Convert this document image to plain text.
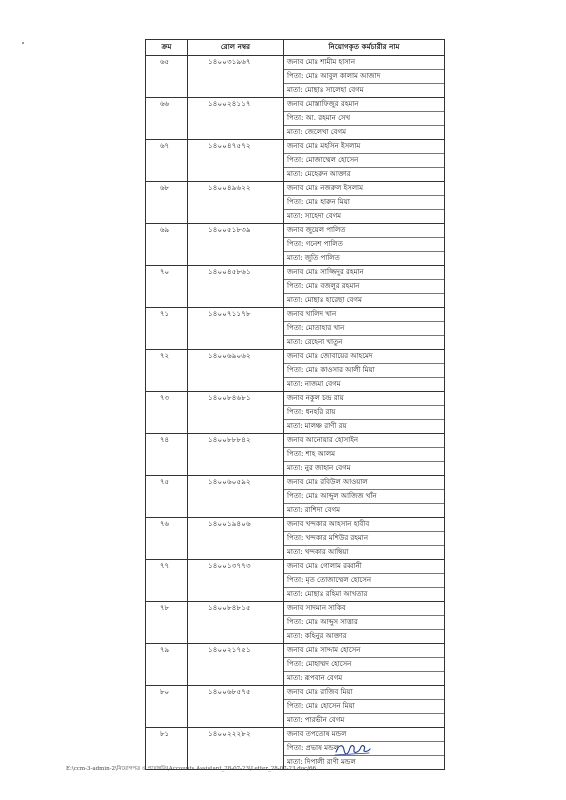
ক্রম	রোল নম্বর	নিয়োগকৃত কর্মচারীর নাম
৬৫	১৪০০৩১৯৬৭	জনাব মোঃ শামীম হাসান
পিতা: মোঃ আবুল কালাম আজাদ
মাতা: মোছাঃ সালেহা বেগম

৬৬	১৪০০২৪১১৭	জনাব মোস্তাফিজুর রহমান
পিতা: আ. রহমান সেখ
মাতা: জেলেখা বেগম

৬৭	১৪০০৪৭৫৭২	জনাব মোঃ মহসিন ইসলাম
পিতা: মোজাম্মেল হোসেন
মাতা: মেহেরুন আক্তার

৬৮	১৪০০৪৯৬২২	জনাব মোঃ নজরুল ইসলাম
পিতা: মোঃ হারুন মিয়া
মাতা: সাহেদা বেগম

৬৯	১৪০০৫১৮৩৯	জনাব জুয়েল পালিত
পিতা: গনেশ পালিত
মাতা: জুতি পালিত

৭০	১৪০০৪৫৮৬১	জনাব মোঃ সাজ্জিদুর রহমান
পিতা: মোঃ বজলুর রহমান
মাতা: মোছাঃ হারেছা বেগম

৭১	১৪০০৭১১৭৮	জনাব খালিদ খান
পিতা: মোতাহার খান
মাতা: রেহেনা খাতুন

৭২	১৪০০৬৯০৬২	জনাব মোঃ জোবায়ের আহমেদ
পিতা: মোঃ কাওসার আলী মিয়া
মাতা: নাজমা বেগম

৭৩	১৪০০৮৪৬৮১	জনাব নকুল চন্দ্র রায়
পিতা: ধনহরি রায়
মাতা: মালঞ্চ রাণী রয়

৭৪	১৪০০৮৮৮৪২	জনাব আনোয়ার হোসাইন
পিতা: শাহ আলম
মাতা: নুর জাহান বেগম

৭৫	১৪০০৬০৫৯২	জনাব মোঃ রবিউল আওয়াল
পিতা: মোঃ আব্দুল আজিজ খাঁন
মাতা: রাশিদা বেগম

৭৬	১৪০০১৯৪০৬	জনাব খন্দকার আহসান হাবীব
পিতা: খন্দকার মশিউর রহমান
মাতা: খন্দকার আম্বিয়া

৭৭	১৪০০১৩৭৭৩	জনাব মোঃ গোলাম রব্বানী
পিতা: মৃত তোজাম্মেল হোসেন
মাতা: মোছাঃ রহিমা আখতার

৭৮	১৪০০৮৪৮১৫	জনাব সাদমান সাকিব
পিতা: মোঃ আব্দুস সাত্তার
মাতা: কহিনুর আক্তার

৭৯	১৪০০২১৭৫১	জনাব মোঃ সাদ্দাম হোসেন
পিতা: মোহাম্মদ হোসেন
মাতা: রূপবান বেগম

৮০	১৪০০৬৮৫৭৫	জনাব মোঃ রাজিব মিয়া
পিতা: মোঃ হোসেন মিয়া
মাতা: পারভীন বেগম

৮১	১৪০০২২২৮২	জনাব তপতোষ মন্ডল
পিতা: প্রভাষ মন্ডল
মাতা: দিপালী রাণী মন্ডল
E:\ccm-3-admin-2\নিয়োগপত্র ও পদোন্নতি\Accounts Assistant_28-07-23\Letter_28-07-23.doc/66
